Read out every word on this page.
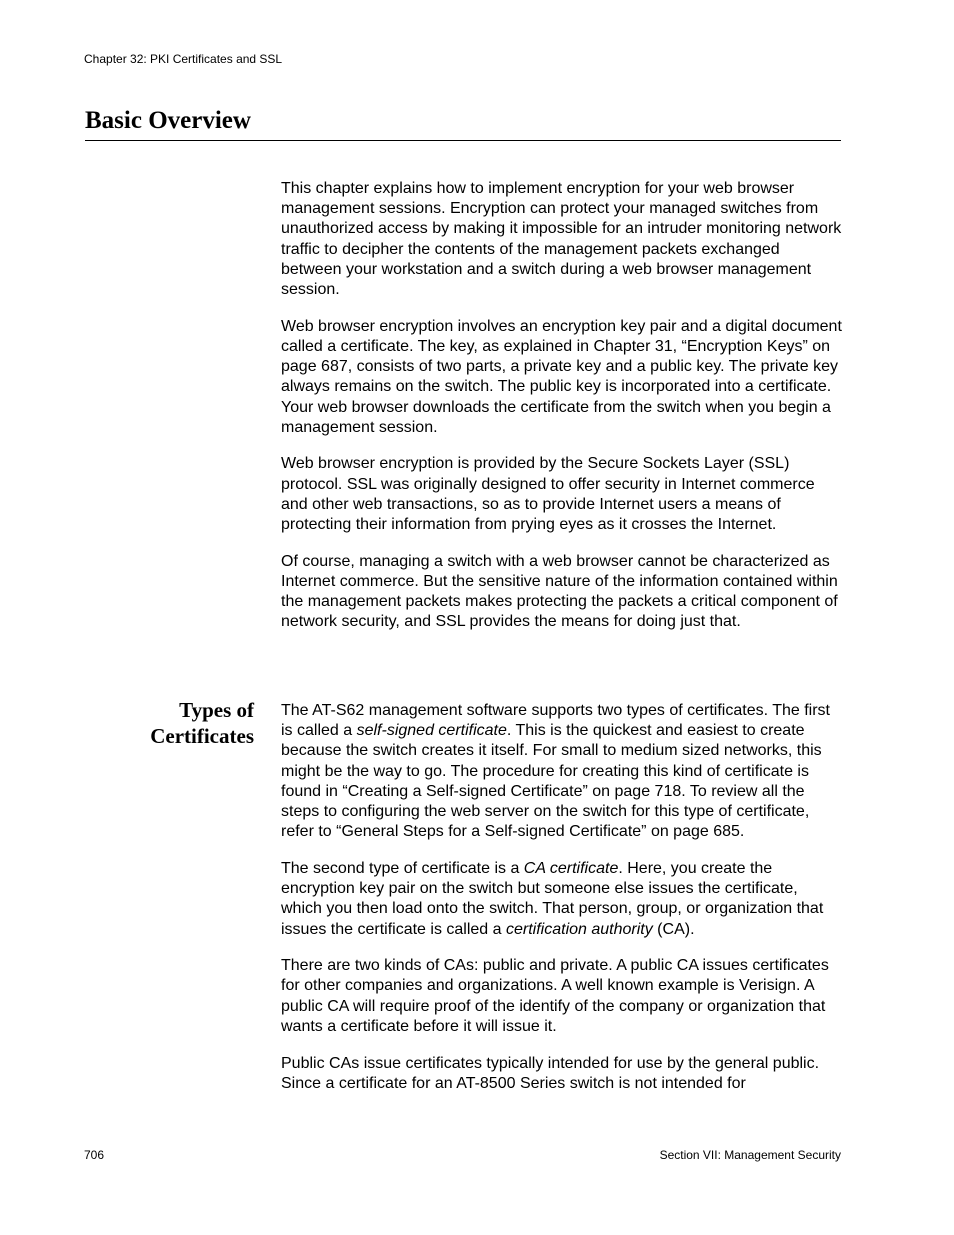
Chapter 32: PKI Certificates and SSL
Basic Overview

This chapter explains how to implement encryption for your web browser management sessions. Encryption can protect your managed switches from unauthorized access by making it impossible for an intruder monitoring network traffic to decipher the contents of the management packets exchanged between your workstation and a switch during a web browser management session.

Web browser encryption involves an encryption key pair and a digital document called a certificate. The key, as explained in Chapter 31, “Encryption Keys” on page 687, consists of two parts, a private key and a public key. The private key always remains on the switch. The public key is incorporated into a certificate. Your web browser downloads the certificate from the switch when you begin a management session.

Web browser encryption is provided by the Secure Sockets Layer (SSL) protocol. SSL was originally designed to offer security in Internet commerce and other web transactions, so as to provide Internet users a means of protecting their information from prying eyes as it crosses the Internet.

Of course, managing a switch with a web browser cannot be characterized as Internet commerce. But the sensitive nature of the information contained within the management packets makes protecting the packets a critical component of network security, and SSL provides the means for doing just that.

Types of
Certificates

The AT-S62 management software supports two types of certificates. The first is called a self-signed certificate. This is the quickest and easiest to create because the switch creates it itself. For small to medium sized networks, this might be the way to go. The procedure for creating this kind of certificate is found in “Creating a Self-signed Certificate” on page 718. To review all the steps to configuring the web server on the switch for this type of certificate, refer to “General Steps for a Self-signed Certificate” on page 685.

The second type of certificate is a CA certificate. Here, you create the encryption key pair on the switch but someone else issues the certificate, which you then load onto the switch. That person, group, or organization that issues the certificate is called a certification authority (CA).

There are two kinds of CAs: public and private. A public CA issues certificates for other companies and organizations. A well known example is Verisign. A public CA will require proof of the identify of the company or organization that wants a certificate before it will issue it.

Public CAs issue certificates typically intended for use by the general public. Since a certificate for an AT-8500 Series switch is not intended for

706	Section VII: Management Security
